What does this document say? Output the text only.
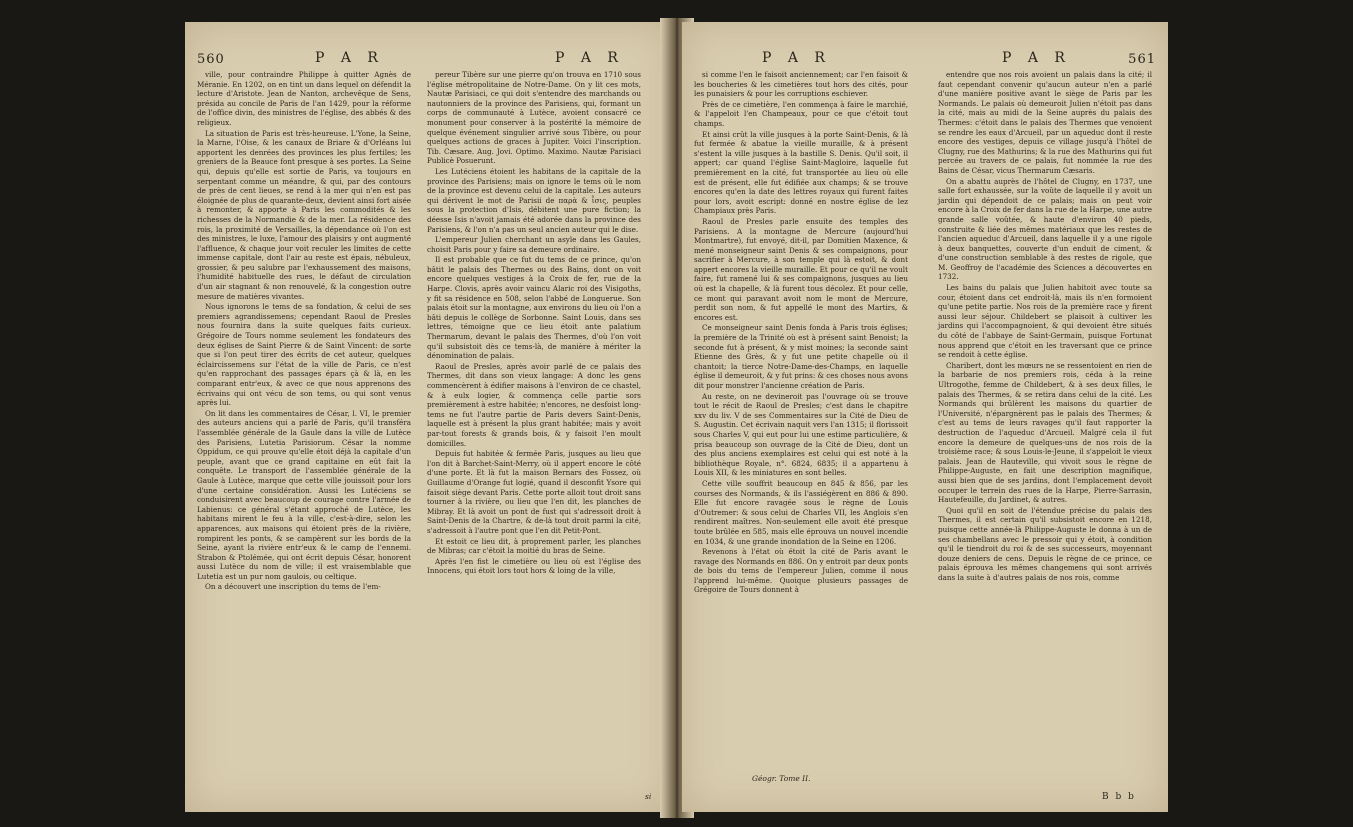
560	P A R	P A R

ville, pour contraindre Philippe à quitter Agnès de Méranie. En 1202, on en tint un dans lequel on défendit la lecture d'Aristote. Jean de Nanton, archevêque de Sens, présida au concile de Paris de l'an 1429, pour la réforme de l'office divin, des ministres de l'église, des abbés & des religieux.

La situation de Paris est très-heureuse. L'Yone, la Seine, la Marne, l'Oise, & les canaux de Briare & d'Orléans lui apportent les denrées des provinces les plus fertiles; les greniers de la Beauce font presque à ses portes. La Seine qui, depuis qu'elle est sortie de Paris, va toujours en serpentant comme un méandre, & qui, par des contours de près de cent lieues, se rend à la mer qui n'en est pas éloignée de plus de quarante-deux, devient ainsi fort aisée à remonter, & apporte à Paris les commodités & les richesses de la Normandie & de la mer. La résidence des rois, la proximité de Versailles, la dépendance où l'on est des ministres, le luxe, l'amour des plaisirs y ont augmenté l'affluence, & chaque jour voit reculer les limites de cette immense capitale, dont l'air au reste est épais, nébuleux, grossier, & peu salubre par l'exhaussement des maisons, l'humidité habituelle des rues, le défaut de circulation d'un air stagnant & non renouvelé, & la congestion outre mesure de matières vivantes.

Nous ignorons le tems de sa fondation, & celui de ses premiers agrandissemens; cependant Raoul de Presles nous fournira dans la suite quelques faits curieux. Grégoire de Tours nomme seulement les fondateurs des deux églises de Saint Pierre & de Saint Vincent: de sorte que si l'on peut tirer des écrits de cet auteur, quelques éclaircissemens sur l'état de la ville de Paris, ce n'est qu'en rapprochant des passages épars çà & là, en les comparant entr'eux, & avec ce que nous apprenons des écrivains qui ont vécu de son tems, ou qui sont venus après lui.

On lit dans les commentaires de César, l. VI, le premier des auteurs anciens qui a parlé de Paris, qu'il transféra l'assemblée générale de la Gaule dans la ville de Lutèce des Parisiens, Lutetia Parisiorum. César la nomme Oppidum, ce qui prouve qu'elle étoit déjà la capitale d'un peuple, avant que ce grand capitaine en eût fait la conquête. Le transport de l'assemblée générale de la Gaule à Lutèce, marque que cette ville jouissoit pour lors d'une certaine considération. Aussi les Lutéciens se conduisirent avec beaucoup de courage contre l'armée de Labienus: ce général s'étant approché de Lutèce, les habitans mirent le feu à la ville, c'est-à-dire, selon les apparences, aux maisons qui étoient près de la rivière, rompirent les ponts, & se campèrent sur les bords de la Seine, ayant la rivière entr'eux & le camp de l'ennemi. Strabon & Ptolémée, qui ont écrit depuis César, honorent aussi Lutèce du nom de ville; il est vraisemblable que Lutetia est un pur nom gaulois, ou celtique.

On a découvert une inscription du tems de l'em-

pereur Tibère sur une pierre qu'on trouva en 1710 sous l'église métropolitaine de Notre-Dame. On y lit ces mots, Nautæ Parisiaci, ce qui doit s'entendre des marchands ou nautonniers de la province des Parisiens, qui, formant un corps de communauté à Lutèce, avoient consacré ce monument pour conserver à la postérité la mémoire de quelque événement singulier arrivé sous Tibère, ou pour quelques actions de graces à Jupiter. Voici l'inscription. Tib. Cæsare. Aug. Jovi. Optimo. Maximo. Nautæ Parisiaci Publicè Posuerunt.

Les Lutéciens étoient les habitans de la capitale de la province des Parisiens; mais on ignore le tems où le nom de la province est devenu celui de la capitale. Les auteurs qui dérivent le mot de Parisii de παρὰ & ἶσις, peuples sous la protection d'Isis, débitent une pure fiction; la déesse Isis n'avoit jamais été adorée dans la province des Parisiens, & l'on n'a pas un seul ancien auteur qui le dise.

L'empereur Julien cherchant un asyle dans les Gaules, choisit Paris pour y faire sa demeure ordinaire.

Il est probable que ce fut du tems de ce prince, qu'on bâtit le palais des Thermes ou des Bains, dont on voit encore quelques vestiges à la Croix de fer, rue de la Harpe. Clovis, après avoir vaincu Alaric roi des Visigoths, y fit sa résidence en 508, selon l'abbé de Longuerue. Son palais étoit sur la montagne, aux environs du lieu où l'on a bâti depuis le collège de Sorbonne. Saint Louis, dans ses lettres, témoigne que ce lieu étoit ante palatium Thermarum, devant le palais des Thermes, d'où l'on voit qu'il subsistoit dès ce tems-là, de manière à mériter la dénomination de palais.

Raoul de Presles, après avoir parlé de ce palais des Thermes, dit dans son vieux langage: A donc les gens commencèrent à édifier maisons à l'environ de ce chastel, & à eulx logier, & commença celle partie sors premièrement à estre habitée; n'encores, ne desfoist long-tems ne fut l'autre partie de Paris devers Saint-Denis, laquelle est à présent la plus grant habitée; mais y avoit par-tout forests & grands bois, & y faisoit l'en moult domicilles.

Depuis fut habitée & fermée Paris, jusques au lieu que l'on dit à Barchet-Saint-Merry, où il appert encore le côté d'une porte. Et là fut la maison Bernars des Fossez, où Guillaume d'Orange fut logié, quand il desconfit Ysore qui faisoit siège devant Paris. Cette porte alloit tout droit sans tourner à la rivière, ou lieu que l'en dit, les planches de Mibray. Et là avoit un pont de fust qui s'adressoit droit à Saint-Denis de la Chartre, & de-là tout droit parmi la cité, s'adressoit à l'autre pont que l'en dit Petit-Pont.

Et estoit ce lieu dit, à proprement parler, les planches de Mibras; car c'étoit la moitié du bras de Seine.

Après l'en fist le cimetière ou lieu où est l'église des Innocens, qui étoit lors tout hors & loing de la ville,

si
P A R	P A R	561

si comme l'en le faisoit anciennement; car l'en faisoit & les boucheries & les cimetières tout hors des cités, pour les punaisiers & pour les corruptions eschiever.

Près de ce cimetière, l'en commença à faire le marchié, & l'appeloit l'en Champeaux, pour ce que c'étoit tout champs.

Et ainsi crût la ville jusques à la porte Saint-Denis, & là fut fermée & abatue la vieille muraille, & à présent s'estent la ville jusques à la bastille S. Denis. Qu'il soit, il appert; car quand l'église Saint-Magloire, laquelle fut premièrement en la cité, fut transportée au lieu où elle est de présent, elle fut édifiée aux champs; & se trouve encores qu'en la date des lettres royaux qui furent faites pour lors, avoit escript: donné en nostre église de lez Champiaux près Paris.

Raoul de Presles parle ensuite des temples des Parisiens. A la montagne de Mercure (aujourd'hui Montmartre), fut envoyé, dit-il, par Domitien Maxence, & mené monseigneur saint Denis & ses compaignons, pour sacrifier à Mercure, à son temple qui là estoit, & dont appert encores la vieille muraille. Et pour ce qu'il ne voult faire, fut ramené lui & ses compaignons, jusques au lieu où est la chapelle, & là furent tous décolez. Et pour celle, ce mont qui paravant avoit nom le mont de Mercure, perdit son nom, & fut appellé le mont des Martirs, & encores est.

Ce monseigneur saint Denis fonda à Paris trois églises; la première de la Trinité où est à présent saint Benoist; la seconde fut à présent, & y mist moines; la seconde saint Etienne des Grès, & y fut une petite chapelle où il chantoit; la tierce Notre-Dame-des-Champs, en laquelle église il demeuroit, & y fut prins: & ces choses nous avons dit pour monstrer l'ancienne création de Paris.

Au reste, on ne devineroit pas l'ouvrage où se trouve tout le récit de Raoul de Presles; c'est dans le chapitre xxv du liv. V de ses Commentaires sur la Cité de Dieu de S. Augustin. Cet écrivain naquit vers l'an 1315; il florissoit sous Charles V, qui eut pour lui une estime particulière, & prisa beaucoup son ouvrage de la Cité de Dieu, dont un des plus anciens exemplaires est celui qui est noté à la bibliothèque Royale, n°. 6824, 6835; il a appartenu à Louis XII, & les miniatures en sont belles.

Cette ville souffrit beaucoup en 845 & 856, par les courses des Normands, & ils l'assiégèrent en 886 & 890. Elle fut encore ravagée sous le règne de Louis d'Outremer: & sous celui de Charles VII, les Anglois s'en rendirent maîtres. Non-seulement elle avoit été presque toute brûlée en 585, mais elle éprouva un nouvel incendie en 1034, & une grande inondation de la Seine en 1206.

Revenons à l'état où étoit la cité de Paris avant le ravage des Normands en 886. On y entroit par deux ponts de bois du tems de l'empereur Julien, comme il nous l'apprend lui-même. Quoique plusieurs passages de Grégoire de Tours donnent à

entendre que nos rois avoient un palais dans la cité; il faut cependant convenir qu'aucun auteur n'en a parlé d'une manière positive avant le siège de Paris par les Normands. Le palais où demeuroit Julien n'étoit pas dans la cité, mais au midi de la Seine auprès du palais des Thermes: c'étoit dans le palais des Thermes que venoient se rendre les eaux d'Arcueil, par un aqueduc dont il reste encore des vestiges, depuis ce village jusqu'à l'hôtel de Clugny, rue des Mathurins; & la rue des Mathurins qui fut percée au travers de ce palais, fut nommée la rue des Bains de César, vicus Thermarum Cæsaris.

On a abattu auprès de l'hôtel de Clugny, en 1737, une salle fort exhaussée, sur la voûte de laquelle il y avoit un jardin qui dépendoit de ce palais; mais on peut voir encore à la Croix de fer dans la rue de la Harpe, une autre grande salle voûtée, & haute d'environ 40 pieds, construite & liée des mêmes matériaux que les restes de l'ancien aqueduc d'Arcueil, dans laquelle il y a une rigole à deux banquettes, couverte d'un enduit de ciment, & d'une construction semblable à des restes de rigole, que M. Geoffroy de l'académie des Sciences a découvertes en 1732.

Les bains du palais que Julien habitoit avec toute sa cour, étoient dans cet endroit-là, mais ils n'en formoient qu'une petite partie. Nos rois de la première race y firent aussi leur séjour. Childebert se plaisoit à cultiver les jardins qui l'accompagnoient, & qui devoient être situés du côté de l'abbaye de Saint-Germain, puisque Fortunat nous apprend que c'étoit en les traversant que ce prince se rendoit à cette église.

Charibert, dont les mœurs ne se ressentoient en rien de la barbarie de nos premiers rois, céda à la reine Ultrogothe, femme de Childebert, & à ses deux filles, le palais des Thermes, & se retira dans celui de la cité. Les Normands qui brûlèrent les maisons du quartier de l'Université, n'épargnèrent pas le palais des Thermes; & c'est au tems de leurs ravages qu'il faut rapporter la destruction de l'aqueduc d'Arcueil. Malgré cela il fut encore la demeure de quelques-uns de nos rois de la troisième race; & sous Louis-le-Jeune, il s'appeloit le vieux palais. Jean de Hauteville, qui vivoit sous le règne de Philippe-Auguste, en fait une description magnifique, aussi bien que de ses jardins, dont l'emplacement devoit occuper le terrein des rues de la Harpe, Pierre-Sarrasin, Hautefeuille, du Jardinet, & autres.

Quoi qu'il en soit de l'étendue précise du palais des Thermes, il est certain qu'il subsistoit encore en 1218, puisque cette année-là Philippe-Auguste le donna à un de ses chambellans avec le pressoir qui y étoit, à condition qu'il le tiendroit du roi & de ses successeurs, moyennant douze deniers de cens. Depuis le règne de ce prince, ce palais éprouva les mêmes changemens qui sont arrivés dans la suite à d'autres palais de nos rois, comme

Géogr. Tome II.
B b b
